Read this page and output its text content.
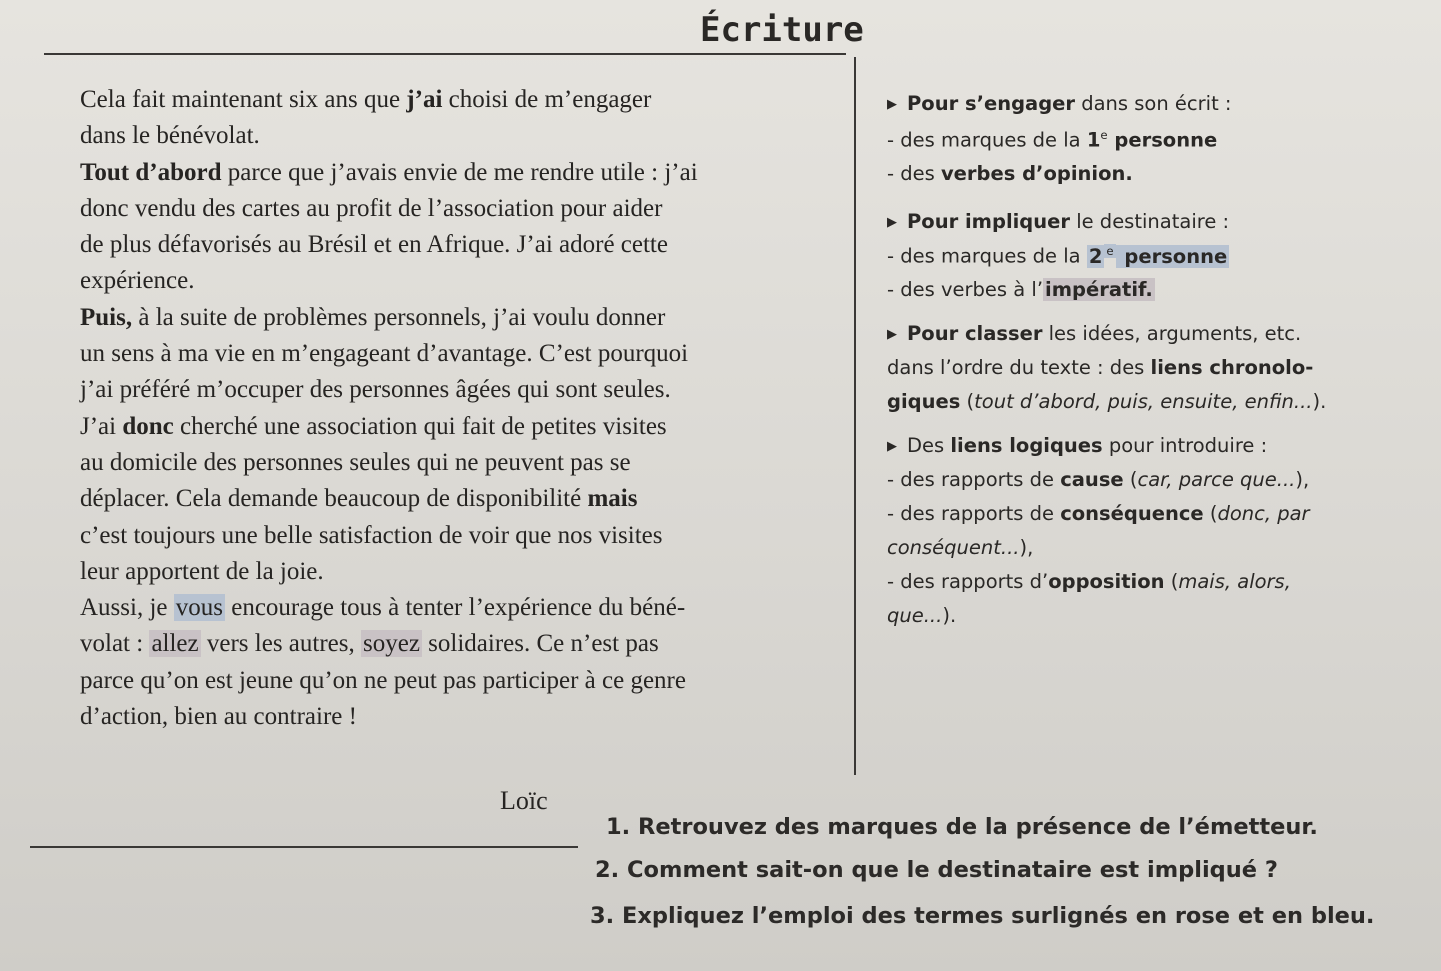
Écriture
Cela fait maintenant six ans que j’ai choisi de m’engager
dans le bénévolat.
Tout d’abord parce que j’avais envie de me rendre utile : j’ai
donc vendu des cartes au profit de l’association pour aider
de plus défavorisés au Brésil et en Afrique. J’ai adoré cette
expérience.
Puis, à la suite de problèmes personnels, j’ai voulu donner
un sens à ma vie en m’engageant d’avantage. C’est pourquoi
j’ai préféré m’occuper des personnes âgées qui sont seules.
J’ai donc cherché une association qui fait de petites visites
au domicile des personnes seules qui ne peuvent pas se
déplacer. Cela demande beaucoup de disponibilité mais
c’est toujours une belle satisfaction de voir que nos visites
leur apportent de la joie.
Aussi, je vous encourage tous à tenter l’expérience du béné-
volat : allez vers les autres, soyez solidaires. Ce n’est pas
parce qu’on est jeune qu’on ne peut pas participer à ce genre
d’action, bien au contraire !
Loïc
▶ Pour s’engager dans son écrit :
- des marques de la 1e personne
- des verbes d’opinion.
▶ Pour impliquer le destinataire :
- des marques de la 2 $^e$ personne
- des verbes à l’ impératif.
▶ Pour classer les idées, arguments, etc.
dans l’ordre du texte : des liens chronolo-
giques (tout d’abord, puis, ensuite, enfin...).
▶ Des liens logiques pour introduire :
- des rapports de cause (car, parce que...),
- des rapports de conséquence (donc, par
conséquent...),
- des rapports d’opposition (mais, alors,
que...).
1. Retrouvez des marques de la présence de l’émetteur.
2. Comment sait-on que le destinataire est impliqué ?
3. Expliquez l’emploi des termes surlignés en rose et en bleu.
